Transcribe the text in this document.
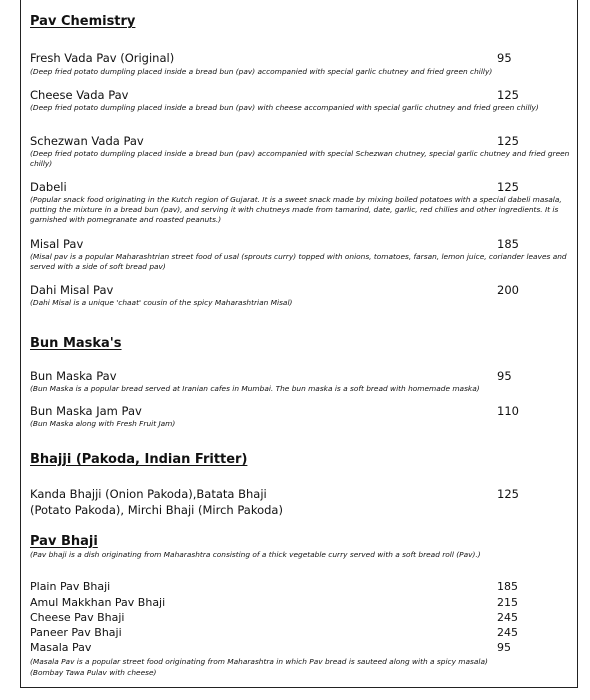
Pav Chemistry
Fresh Vada Pav (Original)	95
(Deep fried potato dumpling placed inside a bread bun (pav) accompanied with special garlic chutney and fried green chilly)
Cheese Vada Pav	125
(Deep fried potato dumpling placed inside a bread bun (pav) with cheese accompanied with special garlic chutney and fried green chilly)
Schezwan Vada Pav	125
(Deep fried potato dumpling placed inside a bread bun (pav) accompanied with special Schezwan chutney, special garlic chutney and fried green chilly)
Dabeli	125
(Popular snack food originating in the Kutch region of Gujarat. It is a sweet snack made by mixing boiled potatoes with a special dabeli masala, putting the mixture in a bread bun (pav), and serving it with chutneys made from tamarind, date, garlic, red chilies and other ingredients. It is garnished with pomegranate and roasted peanuts.)
Misal Pav	185
(Misal pav is a popular Maharashtrian street food of usal (sprouts curry) topped with onions, tomatoes, farsan, lemon juice, coriander leaves and served with a side of soft bread pav)
Dahi Misal Pav	200
(Dahi Misal is a unique 'chaat' cousin of the spicy Maharashtrian Misal)
Bun Maska's
Bun Maska Pav	95
(Bun Maska is a popular bread served at Iranian cafes in Mumbai. The bun maska is a soft bread with homemade maska)
Bun Maska Jam Pav	110
(Bun Maska along with Fresh Fruit Jam)
Bhajji (Pakoda, Indian Fritter)
Kanda Bhajji (Onion Pakoda),Batata Bhaji	125
(Potato Pakoda), Mirchi Bhaji (Mirch Pakoda)
Pav Bhaji
(Pav bhaji is a dish originating from Maharashtra consisting of a thick vegetable curry served with a soft bread roll (Pav).)
Plain Pav Bhaji	185
Amul Makkhan Pav Bhaji	215
Cheese Pav Bhaji	245
Paneer Pav Bhaji	245
Masala Pav	95
(Masala Pav is a popular street food originating from Maharashtra in which Pav bread is sauteed along with a spicy masala)
(Bombay Tawa Pulav with cheese)
